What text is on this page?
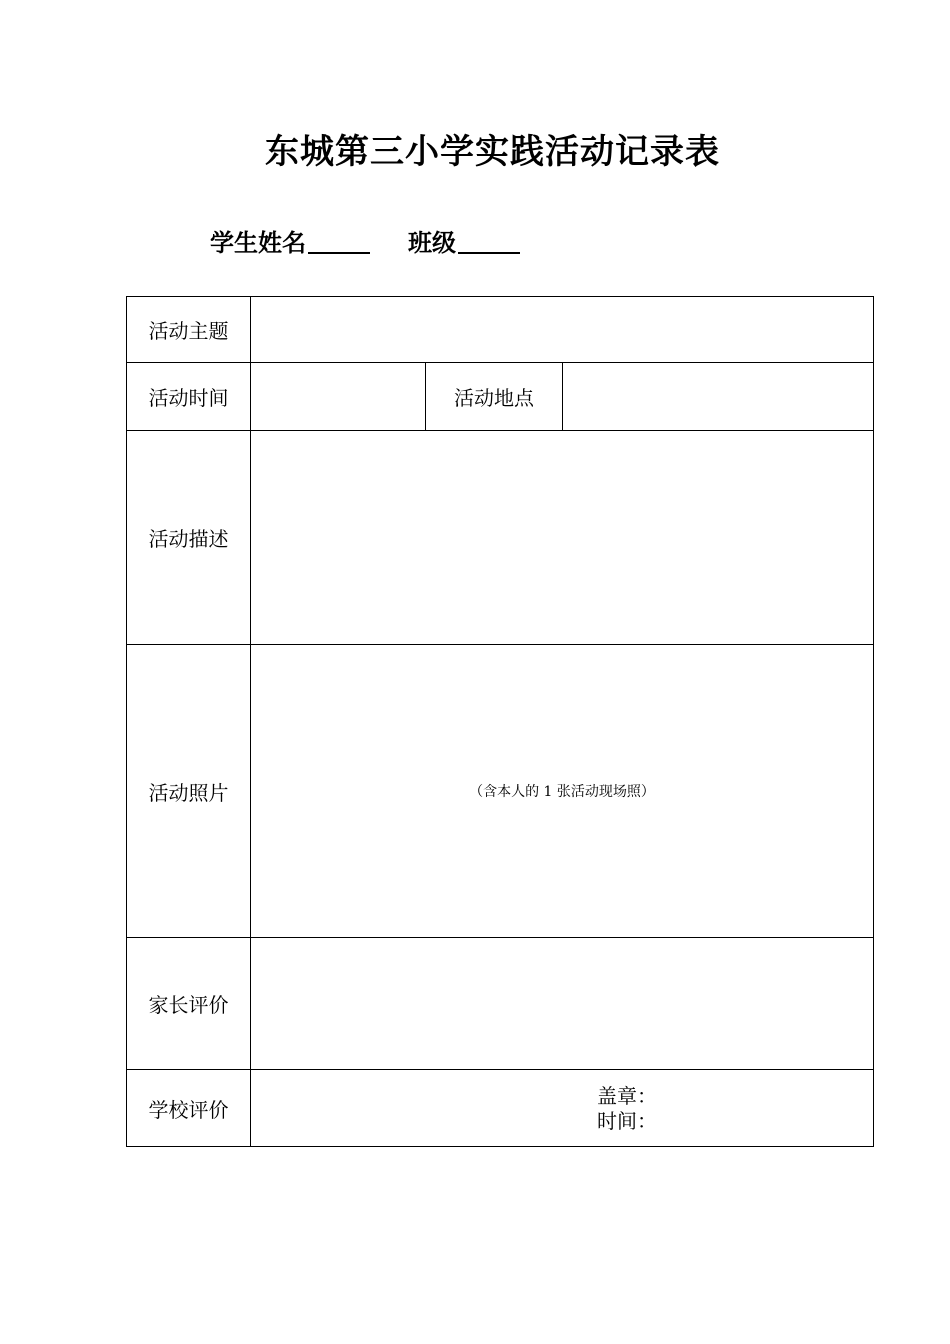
东城第三小学实践活动记录表
学生姓名	班级
活动主题			
活动时间		活动地点	
活动描述			
活动照片	（含本人的 1 张活动现场照）		
家长评价			
学校评价	盖章：
时间：		
